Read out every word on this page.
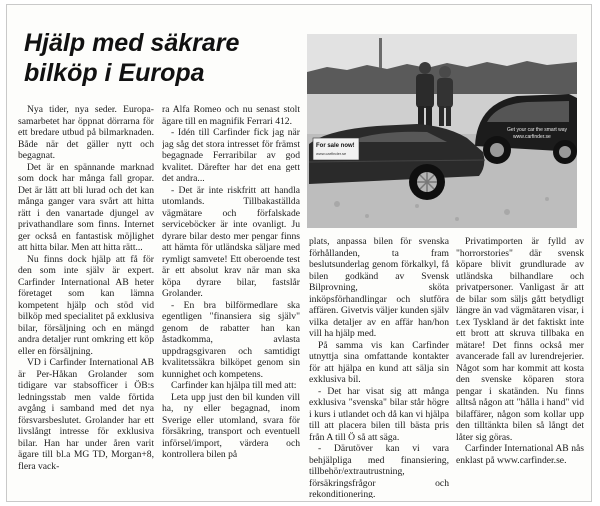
Hjälp med säkrare
bilköp i Europa

Nya tider, nya seder. Europa-samarbetet har öppnat dörrarna för ett bredare utbud på bilmarknaden. Både när det gäller nytt och begagnat.

Det är en spännande marknad som dock har många fall gropar. Det är lätt att bli lurad och det kan många ganger vara svårt att hitta rätt i den vanartade djungel av privathandlare som finns. Internet ger också en fantastisk möjlighet att hitta bilar. Men att hitta rätt...

Nu finns dock hjälp att få för den som inte själv är expert. Carfinder International AB heter företaget som kan lämna kompetent hjälp och stöd vid bilköp med specialitet på exklusiva bilar, försäljning och en mängd andra detaljer runt omkring ett köp eller en försäljning.

VD i Carfinder International AB är Per-Håkan Grolander som tidigare var stabsofficer i ÖB:s ledningsstab men valde förtida avgång i samband med det nya försvarsbeslutet. Grolander har ett livslångt intresse för exklusiva bilar. Han har under åren varit ägare till bl.a MG TD, Morgan+8, flera vack-

ra Alfa Romeo och nu senast stolt ägare till en magnifik Ferrari 412.

- Idén till Carfinder fick jag när jag såg det stora intresset för främst begagnade Ferraribilar av god kvalitet. Därefter har det ena gett det andra...

- Det är inte riskfritt att handla utomlands. Tillbakaställda vägmätare och förfalskade serviceböcker är inte ovanligt. Ju dyrare bilar desto mer pengar finns att hämta för utländska säljare med rymligt samvete! Ett oberoende test är ett absolut krav när man ska köpa dyrare bilar, fastslår Grolander.

- En bra bilförmedlare ska egentligen "finansiera sig själv" genom de rabatter han kan åstadkomma, avlasta uppdragsgivaren och samtidigt kvalitetssäkra bilköpet genom sin kunnighet och kompetens.

Carfinder kan hjälpa till med att:

Leta upp just den bil kunden vill ha, ny eller begagnad, inom Sverige eller utomland, svara för försäkring, transport och eventuell införsel/import, värdera och kontrollera bilen på

Get your car the smart way
www.carfinder.se
For sale now!
www.carfinder.se

plats, anpassa bilen för svenska förhållanden, ta fram beslutsunderlag genom förkalkyl, få bilen godkänd av Svensk Bilprovning, sköta inköpsförhandlingar och slutföra affären. Givetvis väljer kunden själv vilka detaljer av en affär han/hon vill ha hjälp med.

På samma vis kan Carfinder utnyttja sina omfattande kontakter för att hjälpa en kund att sälja sin exklusiva bil.

- Det har visat sig att många exklusiva "svenska" bilar står högre i kurs i utlandet och då kan vi hjälpa till att placera bilen till bästa pris från A till Ö så att säga.

- Därutöver kan vi vara behjälpliga med finansiering, tillbehör/extrautrustning, försäkringsfrågor och rekonditionering.

Privatimporten är fylld av "horrorstories" där svensk köpare blivit grundlurade av utländska bilhandlare och privatpersoner. Vanligast är att de bilar som säljs gått betydligt längre än vad vägmätaren visar, i t.ex Tyskland är det faktiskt inte ett brott att skruva tillbaka en mätare! Det finns också mer avancerade fall av lurendrejerier. Något som har kommit att kosta den svenske köparen stora pengar i skatänden. Nu finns alltså någon att "hålla i hand" vid bilaffärer, någon som kollar upp den tilltänkta bilen så långt det låter sig göras.

Carfinder International AB nås enklast på www.carfinder.se.
